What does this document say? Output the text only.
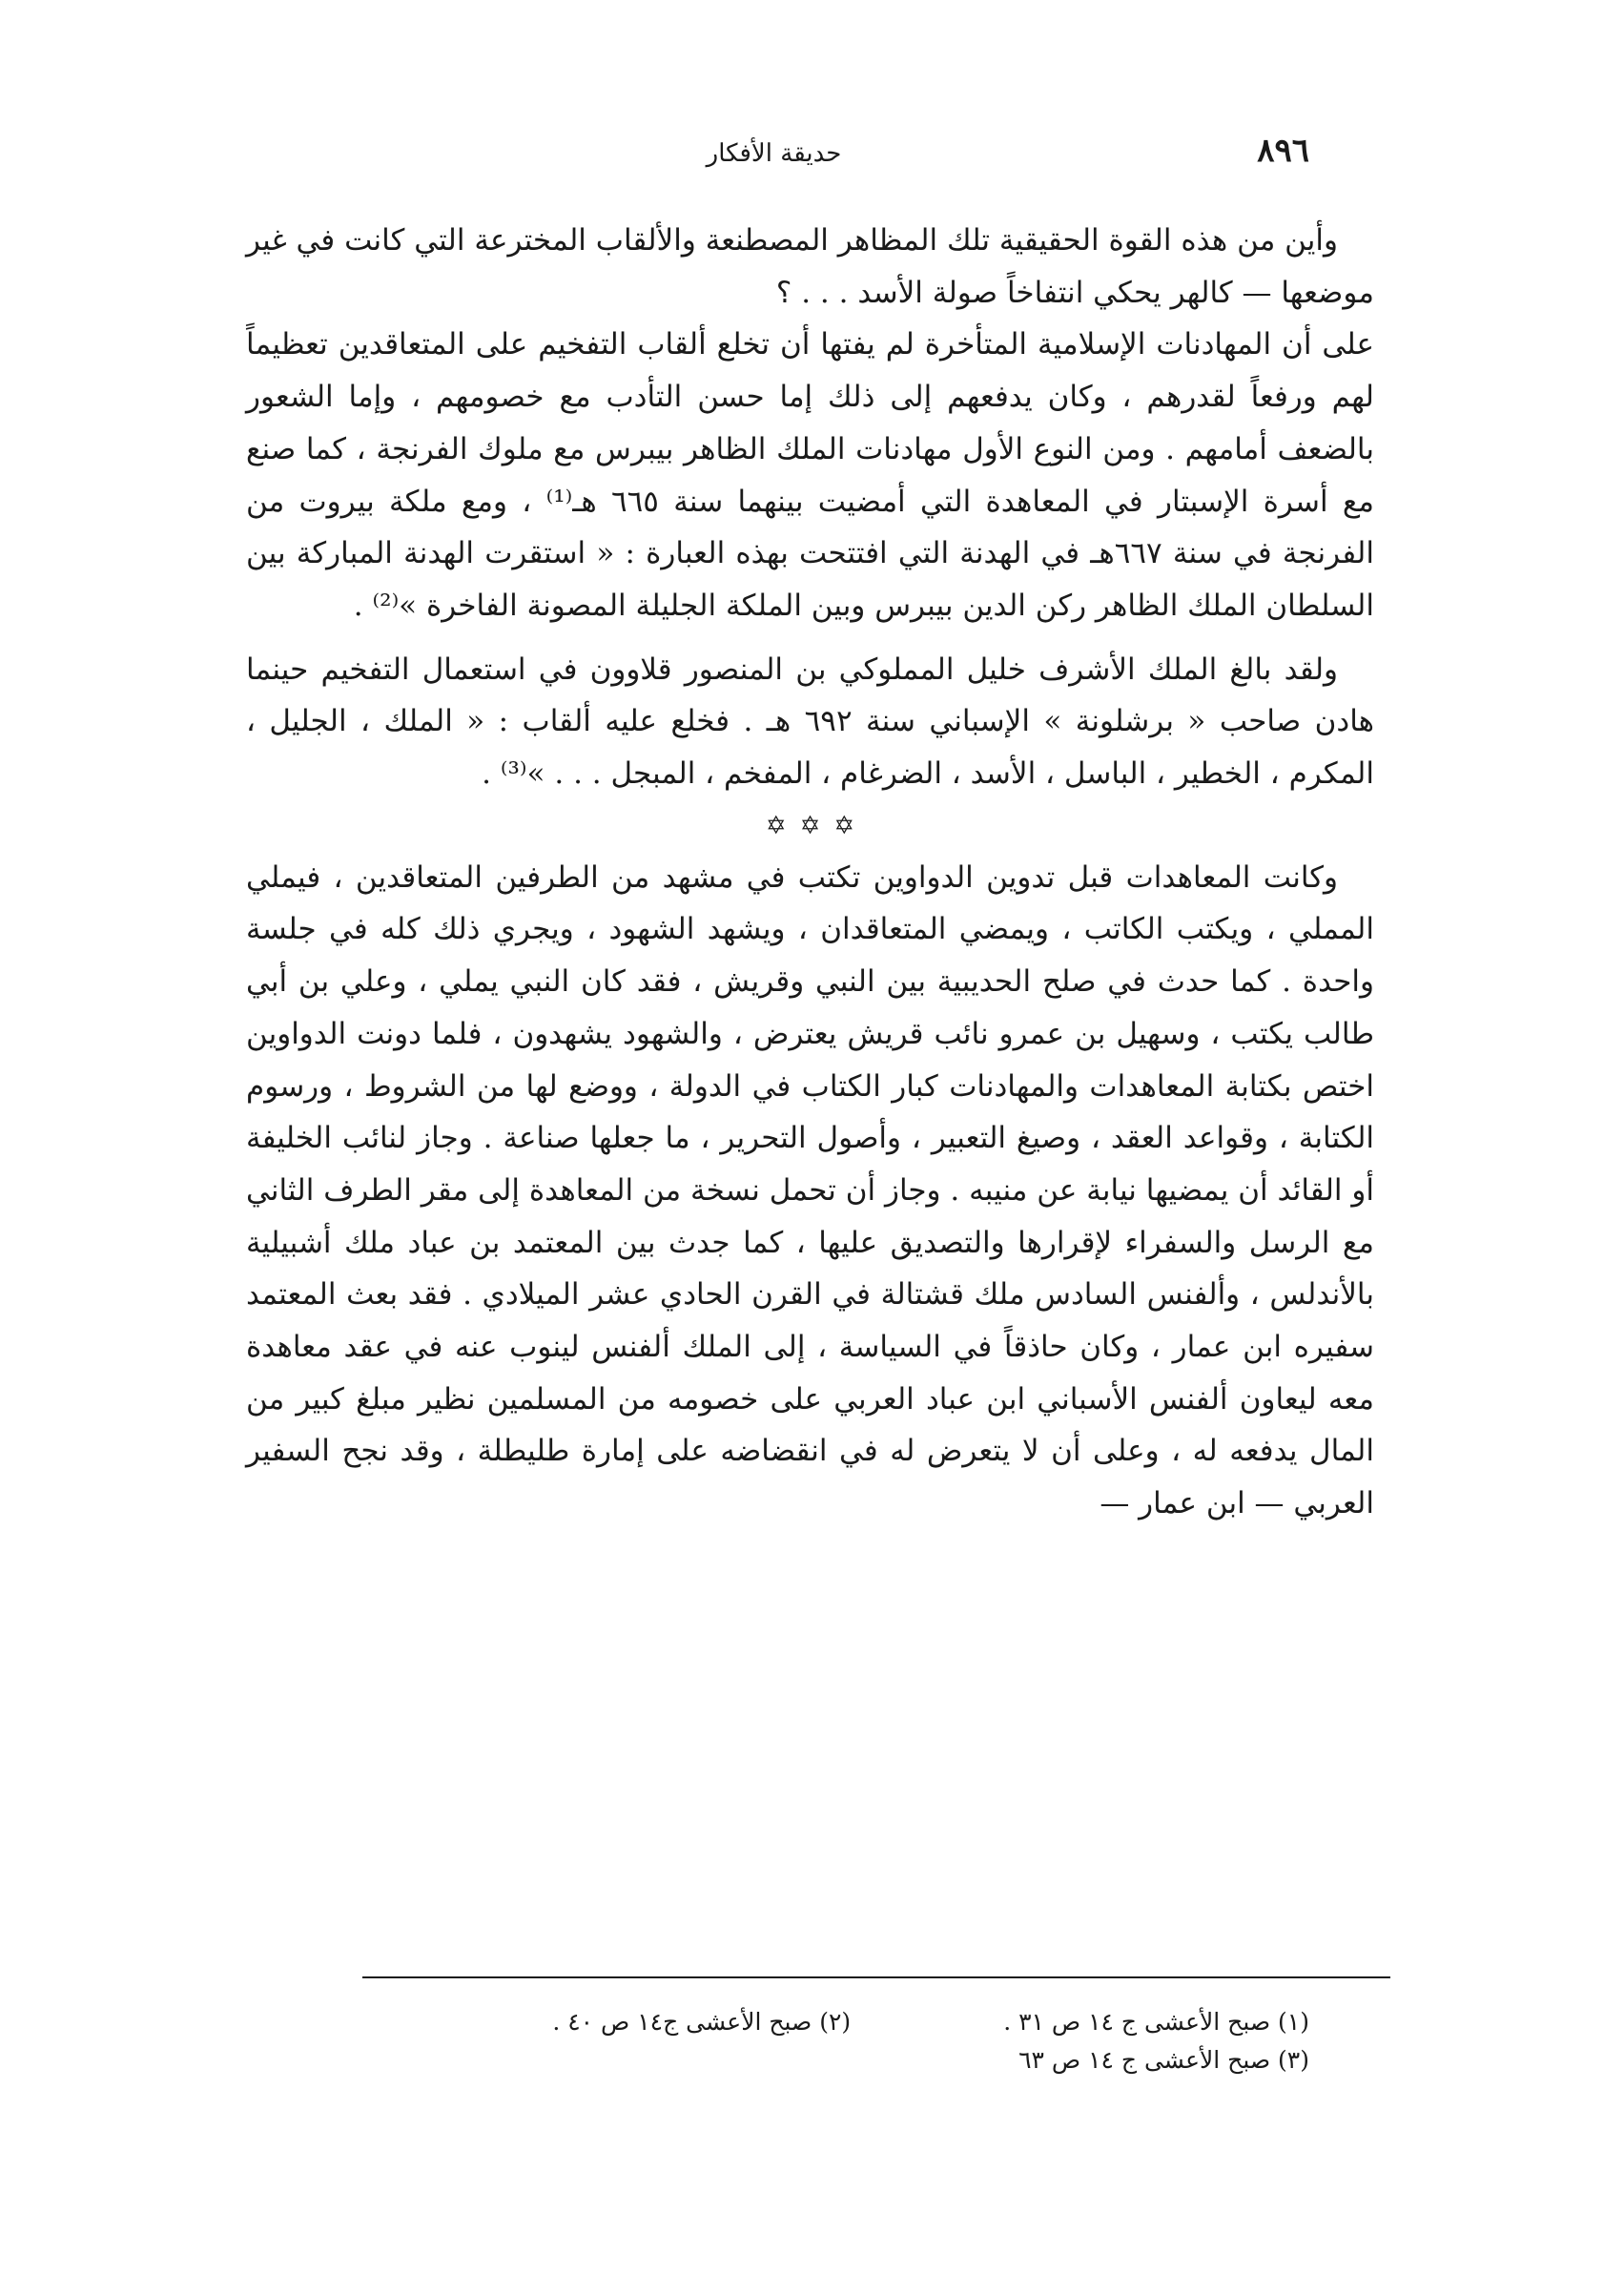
٨٩٦
حديقة الأفكار

وأين من هذه القوة الحقيقية تلك المظاهر المصطنعة والألقاب المخترعة التي كانت في غير موضعها — كالهر يحكي انتفاخاً صولة الأسد . . . ؟

على أن المهادنات الإسلامية المتأخرة لم يفتها أن تخلع ألقاب التفخيم على المتعاقدين تعظيماً لهم ورفعاً لقدرهم ، وكان يدفعهم إلى ذلك إما حسن التأدب مع خصومهم ، وإما الشعور بالضعف أمامهم . ومن النوع الأول مهادنات الملك الظاهر بيبرس مع ملوك الفرنجة ، كما صنع مع أسرة الإسبتار في المعاهدة التي أمضيت بينهما سنة ٦٦٥ هـ⁽¹⁾ ، ومع ملكة بيروت من الفرنجة في سنة ٦٦٧هـ في الهدنة التي افتتحت بهذه العبارة : « استقرت الهدنة المباركة بين السلطان الملك الظاهر ركن الدين بيبرس وبين الملكة الجليلة المصونة الفاخرة »⁽²⁾ .

ولقد بالغ الملك الأشرف خليل المملوكي بن المنصور قلاوون في استعمال التفخيم حينما هادن صاحب « برشلونة » الإسباني سنة ٦٩٢ هـ . فخلع عليه ألقاب : « الملك ، الجليل ، المكرم ، الخطير ، الباسل ، الأسد ، الضرغام ، المفخم ، المبجل . . . »⁽³⁾ .

✡
✡
✡

وكانت المعاهدات قبل تدوين الدواوين تكتب في مشهد من الطرفين المتعاقدين ، فيملي المملي ، ويكتب الكاتب ، ويمضي المتعاقدان ، ويشهد الشهود ، ويجري ذلك كله في جلسة واحدة . كما حدث في صلح الحديبية بين النبي وقريش ، فقد كان النبي يملي ، وعلي بن أبي طالب يكتب ، وسهيل بن عمرو نائب قريش يعترض ، والشهود يشهدون ، فلما دونت الدواوين اختص بكتابة المعاهدات والمهادنات كبار الكتاب في الدولة ، ووضع لها من الشروط ، ورسوم الكتابة ، وقواعد العقد ، وصيغ التعبير ، وأصول التحرير ، ما جعلها صناعة . وجاز لنائب الخليفة أو القائد أن يمضيها نيابة عن منيبه . وجاز أن تحمل نسخة من المعاهدة إلى مقر الطرف الثاني مع الرسل والسفراء لإقرارها والتصديق عليها ، كما جدث بين المعتمد بن عباد ملك أشبيلية بالأندلس ، وألفنس السادس ملك قشتالة في القرن الحادي عشر الميلادي . فقد بعث المعتمد سفيره ابن عمار ، وكان حاذقاً في السياسة ، إلى الملك ألفنس لينوب عنه في عقد معاهدة معه ليعاون ألفنس الأسباني ابن عباد العربي على خصومه من المسلمين نظير مبلغ كبير من المال يدفعه له ، وعلى أن لا يتعرض له في انقضاضه على إمارة طليطلة ، وقد نجح السفير العربي — ابن عمار —

(١) صبح الأعشى ج ١٤ ص ٣١ .
(٢) صبح الأعشى ج١٤ ص ٤٠ .
(٣) صبح الأعشى ج ١٤ ص ٦٣
